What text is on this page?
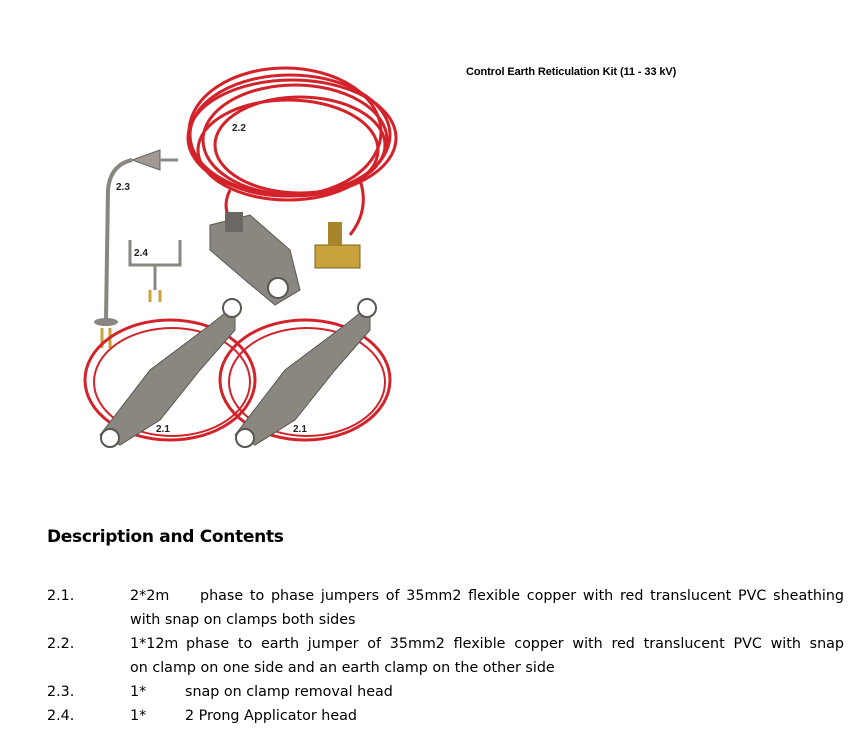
2.2
2.3
2.4
2.1	2.1
Control Earth Reticulation Kit (11 - 33 kV)
Description and Contents
2.1.	2*2m phase to phase jumpers of 35mm2 flexible copper with red translucent PVC sheathing
with snap on clamps both sides
2.2.	1*12m phase to earth jumper of 35mm2 flexible copper with red translucent PVC with snap
on clamp on one side and an earth clamp on the other side
2.3.	1*	snap on clamp removal head
2.4.	1*	2 Prong Applicator head
